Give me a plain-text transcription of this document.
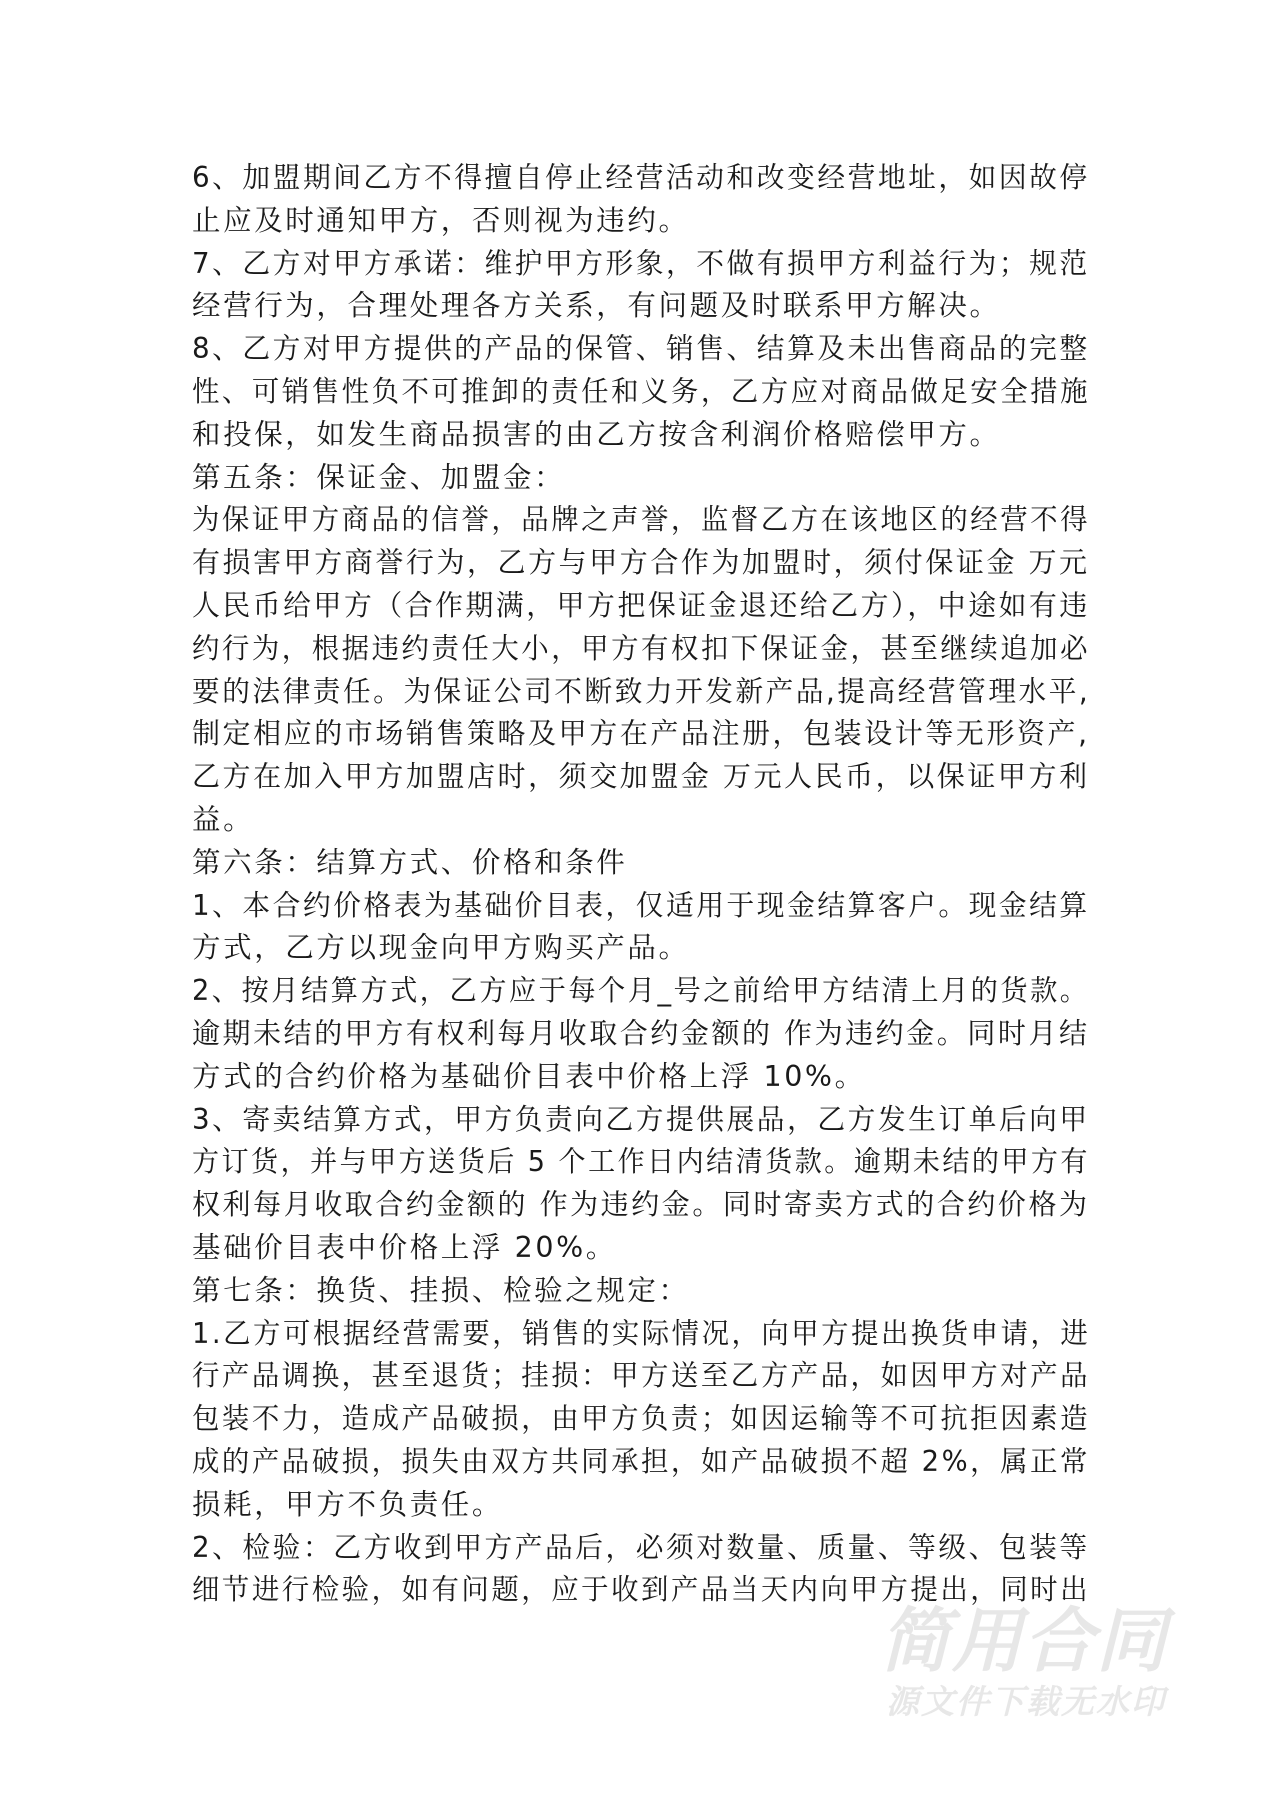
6、加盟期间乙方不得擅自停止经营活动和改变经营地址，如因故停
止应及时通知甲方，否则视为违约。
7、乙方对甲方承诺：维护甲方形象，不做有损甲方利益行为；规范
经营行为，合理处理各方关系，有问题及时联系甲方解决。
8、乙方对甲方提供的产品的保管、销售、结算及未出售商品的完整
性、可销售性负不可推卸的责任和义务，乙方应对商品做足安全措施
和投保，如发生商品损害的由乙方按含利润价格赔偿甲方。
第五条：保证金、加盟金：
为保证甲方商品的信誉，品牌之声誉，监督乙方在该地区的经营不得
有损害甲方商誉行为，乙方与甲方合作为加盟时，须付保证金 万元
人民币给甲方（合作期满，甲方把保证金退还给乙方），中途如有违
约行为，根据违约责任大小，甲方有权扣下保证金，甚至继续追加必
要的法律责任。为保证公司不断致力开发新产品,提高经营管理水平,
制定相应的市场销售策略及甲方在产品注册，包装设计等无形资产,
乙方在加入甲方加盟店时，须交加盟金 万元人民币，以保证甲方利
益。
第六条：结算方式、价格和条件
1、本合约价格表为基础价目表，仅适用于现金结算客户。现金结算
方式，乙方以现金向甲方购买产品。
2、按月结算方式，乙方应于每个月_号之前给甲方结清上月的货款。
逾期未结的甲方有权利每月收取合约金额的 作为违约金。同时月结
方式的合约价格为基础价目表中价格上浮 10%。
3、寄卖结算方式，甲方负责向乙方提供展品，乙方发生订单后向甲
方订货，并与甲方送货后 5 个工作日内结清货款。逾期未结的甲方有
权利每月收取合约金额的 作为违约金。同时寄卖方式的合约价格为
基础价目表中价格上浮 20%。
第七条：换货、挂损、检验之规定：
1.乙方可根据经营需要，销售的实际情况，向甲方提出换货申请，进
行产品调换，甚至退货；挂损：甲方送至乙方产品，如因甲方对产品
包装不力，造成产品破损，由甲方负责；如因运输等不可抗拒因素造
成的产品破损，损失由双方共同承担，如产品破损不超 2%，属正常
损耗，甲方不负责任。
2、检验：乙方收到甲方产品后，必须对数量、质量、等级、包装等
细节进行检验，如有问题，应于收到产品当天内向甲方提出，同时出
简用合同
源文件下载无水印
